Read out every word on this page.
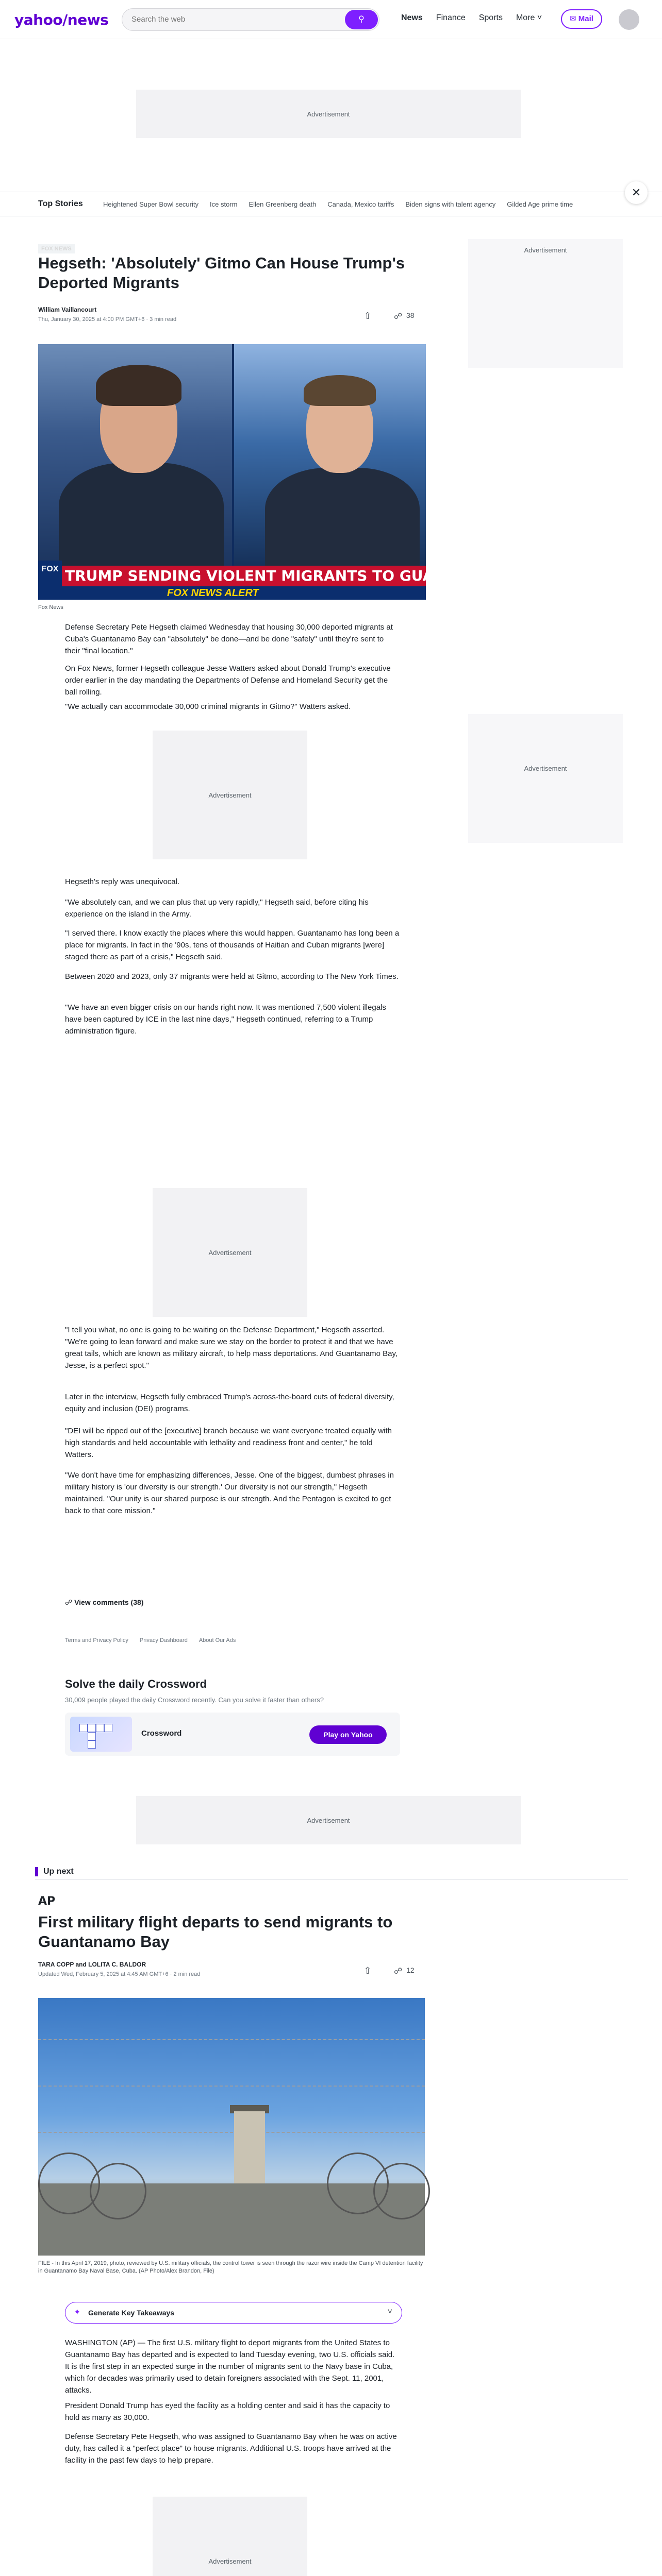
yahoo/news
Search the web	⚲	News Finance Sports More ˅	✉ Mail
Advertisement
Top Stories	Heightened Super Bowl security Ice storm Ellen Greenberg death Canada, Mexico tariffs Biden signs with talent agency Gilded Age prime time
✕
Advertisement
Advertisement
FOX NEWS
Hegseth: 'Absolutely' Gitmo Can House Trump's Deported Migrants
William Vaillancourt
Thu, January 30, 2025 at 4:00 PM GMT+6 · 3 min read	⇧	☍ 38
TRUMP SENDING VIOLENT MIGRANTS TO GUANTANAMO B
FOX
FOX NEWS ALERT
Fox News
Defense Secretary Pete Hegseth claimed Wednesday that housing 30,000 deported migrants at Cuba's Guantanamo Bay can "absolutely" be done—and be done "safely" until they're sent to their "final location."
On Fox News, former Hegseth colleague Jesse Watters asked about Donald Trump's executive order earlier in the day mandating the Departments of Defense and Homeland Security get the ball rolling.
"We actually can accommodate 30,000 criminal migrants in Gitmo?" Watters asked.
Advertisement
Hegseth's reply was unequivocal.
"We absolutely can, and we can plus that up very rapidly," Hegseth said, before citing his experience on the island in the Army.
"I served there. I know exactly the places where this would happen. Guantanamo has long been a place for migrants. In fact in the '90s, tens of thousands of Haitian and Cuban migrants [were] staged there as part of a crisis," Hegseth said.
Between 2020 and 2023, only 37 migrants were held at Gitmo, according to The New York Times.
"We have an even bigger crisis on our hands right now. It was mentioned 7,500 violent illegals have been captured by ICE in the last nine days," Hegseth continued, referring to a Trump administration figure.
Advertisement
"I tell you what, no one is going to be waiting on the Defense Department," Hegseth asserted. "We're going to lean forward and make sure we stay on the border to protect it and that we have great tails, which are known as military aircraft, to help mass deportations. And Guantanamo Bay, Jesse, is a perfect spot."
Later in the interview, Hegseth fully embraced Trump's across-the-board cuts of federal diversity, equity and inclusion (DEI) programs.
"DEI will be ripped out of the [executive] branch because we want everyone treated equally with high standards and held accountable with lethality and readiness front and center," he told Watters.
"We don't have time for emphasizing differences, Jesse. One of the biggest, dumbest phrases in military history is 'our diversity is our strength.' Our diversity is not our strength," Hegseth maintained. "Our unity is our shared purpose is our strength. And the Pentagon is excited to get back to that core mission."
☍ View comments (38)
Terms and Privacy Policy Privacy Dashboard About Our Ads
Solve the daily Crossword
30,009 people played the daily Crossword recently. Can you solve it faster than others?
Crossword	Play on Yahoo
Advertisement
Up next
AP
First military flight departs to send migrants to Guantanamo Bay
TARA COPP and LOLITA C. BALDOR
Updated Wed, February 5, 2025 at 4:45 AM GMT+6 · 2 min read	⇧	☍ 12
FILE - In this April 17, 2019, photo, reviewed by U.S. military officials, the control tower is seen through the razor wire inside the Camp VI detention facility in Guantanamo Bay Naval Base, Cuba. (AP Photo/Alex Brandon, File)
✦	Generate Key Takeaways	˅
WASHINGTON (AP) — The first U.S. military flight to deport migrants from the United States to Guantanamo Bay has departed and is expected to land Tuesday evening, two U.S. officials said. It is the first step in an expected surge in the number of migrants sent to the Navy base in Cuba, which for decades was primarily used to detain foreigners associated with the Sept. 11, 2001, attacks.
President Donald Trump has eyed the facility as a holding center and said it has the capacity to hold as many as 30,000.
Defense Secretary Pete Hegseth, who was assigned to Guantanamo Bay when he was on active duty, has called it a "perfect place" to house migrants. Additional U.S. troops have arrived at the facility in the past few days to help prepare.
Advertisement
